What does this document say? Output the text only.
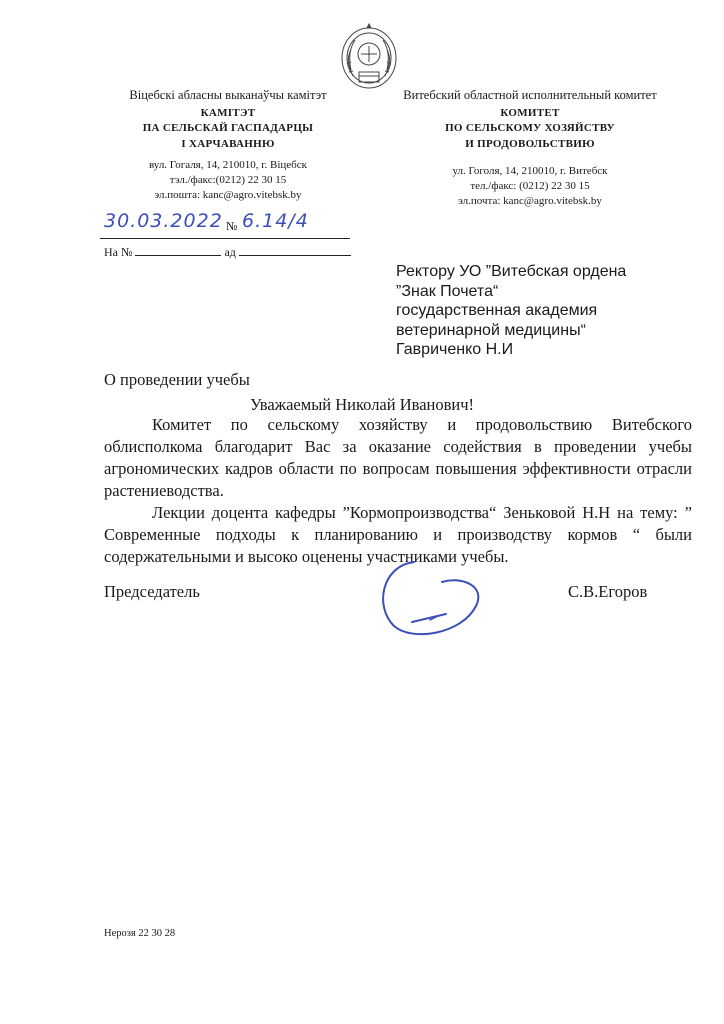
Віцебскі абласны выканаўчы камітэт
КАМІТЭТ
ПА СЕЛЬСКАЙ ГАСПАДАРЦЫ
І ХАРЧАВАННЮ
вул. Гогаля, 14, 210010, г. Віцебск
тэл./факс:(0212) 22 30 15
эл.пошта: kanc@agro.vitebsk.by
Витебский областной исполнительный комитет
КОМИТЕТ
ПО СЕЛЬСКОМУ ХОЗЯЙСТВУ
И ПРОДОВОЛЬСТВИЮ
ул. Гоголя, 14, 210010, г. Витебск
тел./факс: (0212) 22 30 15
эл.почта: kanc@agro.vitebsk.by
30.03.2022 № 6.14/4
На №	ад
Ректору УО ”Витебская ордена
”Знак Почета“
государственная академия
ветеринарной медицины“
Гавриченко Н.И
О проведении учебы
Уважаемый Николай Иванович!

Комитет по сельскому хозяйству и продовольствию Витебского облисполкома благодарит Вас за оказание содействия в проведении учебы агрономических кадров области по вопросам повышения эффективности отрасли растениеводства.

Лекции доцента кафедры ”Кормопроизводства“ Зеньковой Н.Н на тему: ” Современные подходы к планированию и производству кормов “ были содержательными и высоко оценены участниками учебы.

Председатель	С.В.Егоров
Нерозя 22 30 28
